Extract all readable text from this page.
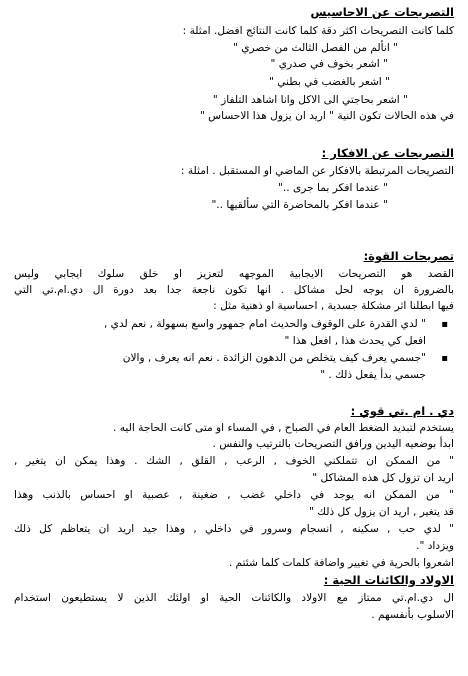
التصريحات عن الاحاسيس
كلما كانت التصريحات اكثر دقة كلما كانت النتائج افضل. امثلة :
" انألم من الفصل الثالث من خصري "
" اشعر بخوف في صدري "
" اشعر بالغضب في بطني "
" اشعر بحاجتي الى الاكل وانا اشاهد التلفاز "
في هذه الحالات تكون النية " اريد ان يزول هذا الاحساس "
التصريحات عن الافكار :
التصريحات المرتبطة بالافكار عن الماضي او المستقبل . امثلة :
" عندما افكر بما جرى .."
" عندما افكر بالمحاضرة التي سألقيها .."
تصريحات القوة:
القصد هو التصريحات الايجابية الموجهه لتعزيز او خلق سلوك ايجابي وليس
بالضرورة ان يوجه لحل مشاكل . انها تكون ناجعة جدا بعد دورة ال دي.ام.تي التي
فيها ابطلنا اثر مشكلة جسدية , احساسية او ذهنية مثل :
▪ " لدي القدرة على الوقوف والحديث امام جمهور واسع بسهولة , نعم لدي ,
افعل كي يحدث هذا , افعل هذا "
▪ "جسمي يعرف كيف يتخلص من الدهون الزائدة . نعم انه يعرف , والان
جسمي بدأ يفعل ذلك . "
دي . ام .تي قوي :
يستخدم لتبديد الضغط العام في الصباح , في المساء او متى كانت الحاجة اليه .
ابدأ بوضعيه اليدين ورافق التصريحات بالترتيب والنفس .
" من الممكن ان تتملكني الخوف , الرعب , القلق , الشك . وهذا يمكن ان يتغير ,
اريد ان تزول كل هذه المشاكل "
" من الممكن انه يوجد في داخلي غضب , ضغينة , عصبية او احساس بالذنب وهذا
قد يتغير , اريد ان يزول كل ذلك "
" لدي حب , سكينه , انسجام وسرور في داخلي , وهذا جيد اريد ان يتعاظم كل ذلك
ويزداد ".
اشعروا بالحرية في تغيير واضافة كلمات كلما شئتم .
الاولاد والكائنات الحية :
ال دي.ام.تي ممتاز مع الاولاد والكائنات الحية او اولئك الذين لا يستطيعون استخدام
الاسلوب بأنفسهم .
